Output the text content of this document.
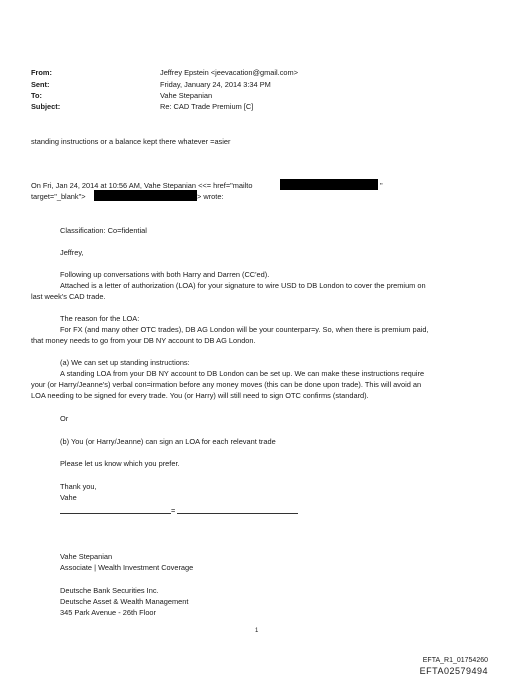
From:	Jeffrey Epstein <jeevacation@gmail.com>
Sent:	Friday, January 24, 2014 3:34 PM
To:	Vahe Stepanian
Subject:	Re: CAD Trade Premium [C]
standing instructions or a balance kept there whatever =asier
On Fri, Jan 24, 2014 at 10:56 AM, Vahe Stepanian <<= href="mailto	"
target="_blank">	> wrote:
Classification: Co=fidential
Jeffrey,
Following up conversations with both Harry and Darren (CC'ed).
Attached is a letter of authorization (LOA) for your signature to wire USD to DB London to cover the premium on
last week's CAD trade.
The reason for the LOA:
For FX (and many other OTC trades), DB AG London will be your counterpar=y. So, when there is premium paid,
that money needs to go from your DB NY account to DB AG London.
(a) We can set up standing instructions:
A standing LOA from your DB NY account to DB London can be set up. We can make these instructions require
your (or Harry/Jeanne's) verbal con=irmation before any money moves (this can be done upon trade). This will avoid an
LOA needing to be signed for every trade. You (or Harry) will still need to sign OTC confirms (standard).
Or
(b) You (or Harry/Jeanne) can sign an LOA for each relevant trade
Please let us know which you prefer.
Thank you,
Vahe
=
Vahe Stepanian
Associate | Wealth Investment Coverage
Deutsche Bank Securities Inc.
Deutsche Asset & Wealth Management
345 Park Avenue - 26th Floor
1
EFTA_R1_01754260
EFTA02579494
